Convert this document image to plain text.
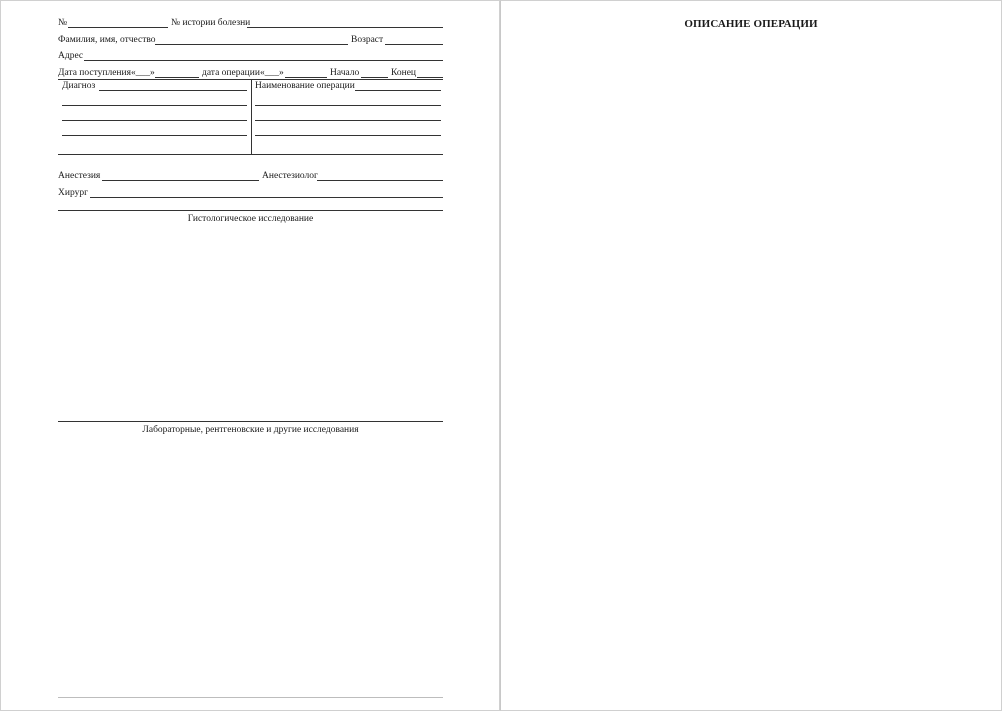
№	№ истории болезни
Фамилия, имя, отчество	Возраст
Адрес
Дата поступления «___»	дата операции «___»	Начало	Конец
Диагноз	Наименование операции
Анестезия	Анестезиолог
Хирург
Гистологическое исследование
Лабораторные, рентгеновские и другие исследования
ОПИСАНИЕ ОПЕРАЦИИ
